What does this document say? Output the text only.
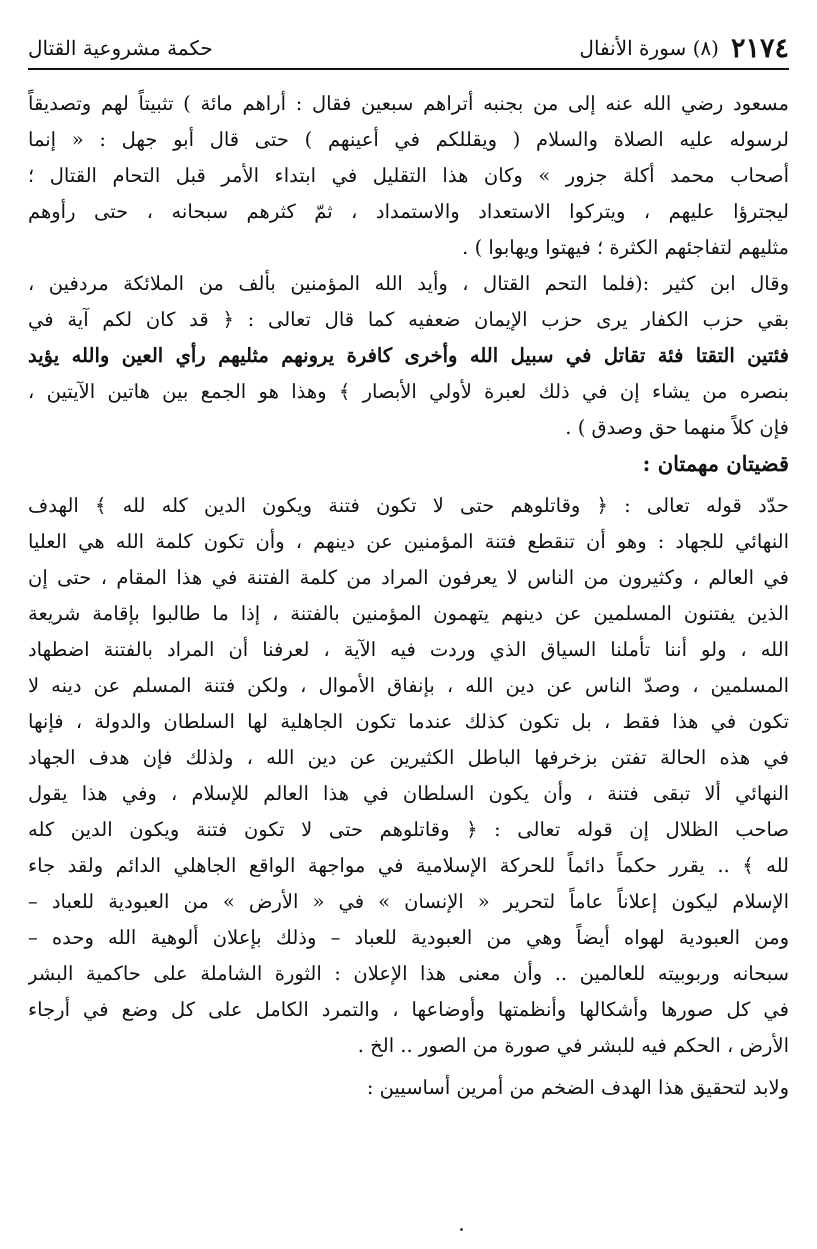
٢١٧٤
(٨) سورة الأنفال
حكمة مشروعية القتال
مسعود رضي الله عنه إلى من بجنبه أتراهم سبعين فقال : أراهم مائة ) تثبيتاً لهم وتصديقاً
لرسوله عليه الصلاة والسلام ( ويقللكم في أعينهم ) حتى قال أبو جهل : « إنما
أصحاب محمد أكلة جزور » وكان هذا التقليل في ابتداء الأمر قبل التحام القتال ؛
ليجترؤا عليهم ، ويتركوا الاستعداد والاستمداد ، ثمّ كثرهم سبحانه ، حتى رأوهم
مثليهم لتفاجئهم الكثرة ؛ فيهتوا ويهابوا ) .
وقال ابن كثير :(فلما التحم القتال ، وأيد الله المؤمنين بألف من الملائكة مردفين ،
بقي حزب الكفار يرى حزب الإيمان ضعفيه كما قال تعالى : ﴿ قد كان لكم آية في
فئتين التقتا فئة تقاتل في سبيل الله وأخرى كافرة يرونهم مثليهم رأي العين والله يؤيد
بنصره من يشاء إن في ذلك لعبرة لأولي الأبصار ﴾ وهذا هو الجمع بين هاتين الآيتين ،
فإن كلاً منهما حق وصدق ) .
قضيتان مهمتان :
حدّد قوله تعالى : ﴿ وقاتلوهم حتى لا تكون فتنة ويكون الدين كله لله ﴾ الهدف
النهائي للجهاد : وهو أن تنقطع فتنة المؤمنين عن دينهم ، وأن تكون كلمة الله هي العليا
في العالم ، وكثيرون من الناس لا يعرفون المراد من كلمة الفتنة في هذا المقام ، حتى إن
الذين يفتنون المسلمين عن دينهم يتهمون المؤمنين بالفتنة ، إذا ما طالبوا بإقامة شريعة
الله ، ولو أننا تأملنا السياق الذي وردت فيه الآية ، لعرفنا أن المراد بالفتنة اضطهاد
المسلمين ، وصدّ الناس عن دين الله ، بإنفاق الأموال ، ولكن فتنة المسلم عن دينه لا
تكون في هذا فقط ، بل تكون كذلك عندما تكون الجاهلية لها السلطان والدولة ، فإنها
في هذه الحالة تفتن بزخرفها الباطل الكثيرين عن دين الله ، ولذلك فإن هدف الجهاد
النهائي ألا تبقى فتنة ، وأن يكون السلطان في هذا العالم للإسلام ، وفي هذا يقول
صاحب الظلال إن قوله تعالى : ﴿ وقاتلوهم حتى لا تكون فتنة ويكون الدين كله
لله ﴾ .. يقرر حكماً دائماً للحركة الإسلامية في مواجهة الواقع الجاهلي الدائم ولقد جاء
الإسلام ليكون إعلاناً عاماً لتحرير « الإنسان » في « الأرض » من العبودية للعباد –
ومن العبودية لهواه أيضاً وهي من العبودية للعباد – وذلك بإعلان ألوهية الله وحده –
سبحانه وربوبيته للعالمين .. وأن معنى هذا الإعلان : الثورة الشاملة على حاكمية البشر
في كل صورها وأشكالها وأنظمتها وأوضاعها ، والتمرد الكامل على كل وضع في أرجاء
الأرض ، الحكم فيه للبشر في صورة من الصور .. الخ .
ولابد لتحقيق هذا الهدف الضخم من أمرين أساسيين :
